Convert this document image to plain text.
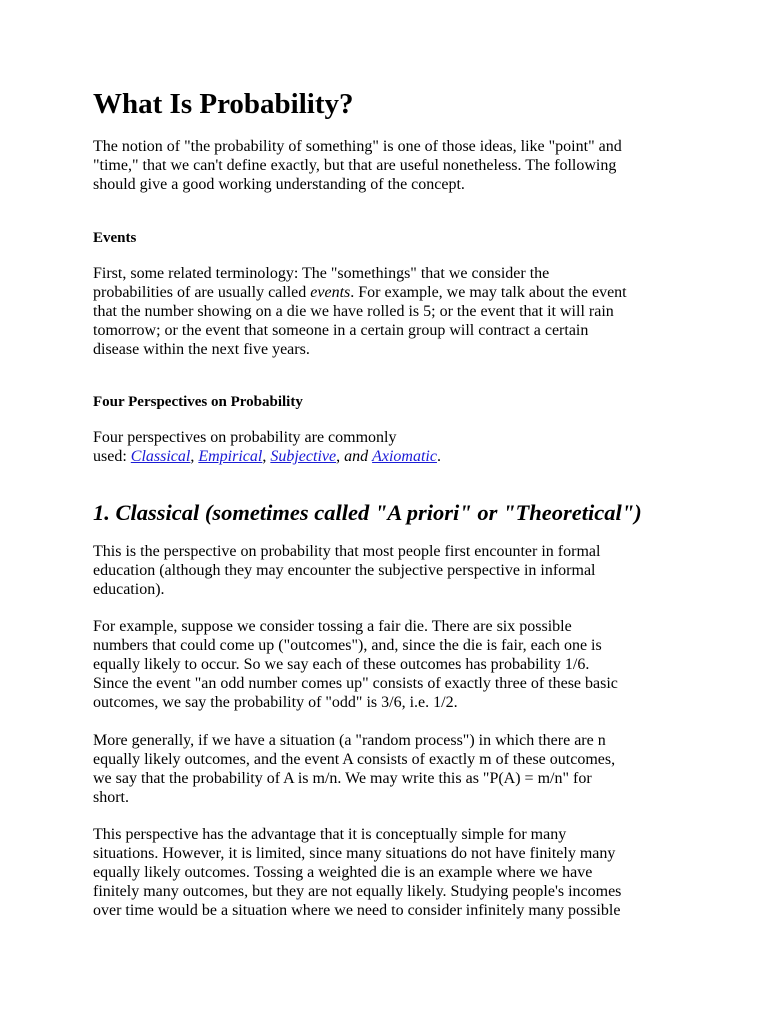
What Is Probability?

The notion of "the probability of something" is one of those ideas, like "point" and
"time," that we can't define exactly, but that are useful nonetheless. The following
should give a good working understanding of the concept.

Events

First, some related terminology: The "somethings" that we consider the
probabilities of are usually called events. For example, we may talk about the event
that the number showing on a die we have rolled is 5; or the event that it will rain
tomorrow; or the event that someone in a certain group will contract a certain
disease within the next five years.

Four Perspectives on Probability

Four perspectives on probability are commonly
used: Classical, Empirical, Subjective, and Axiomatic.

1. Classical (sometimes called "A priori" or "Theoretical")

This is the perspective on probability that most people first encounter in formal
education (although they may encounter the subjective perspective in informal
education).

For example, suppose we consider tossing a fair die. There are six possible
numbers that could come up ("outcomes"), and, since the die is fair, each one is
equally likely to occur. So we say each of these outcomes has probability 1/6.
Since the event "an odd number comes up" consists of exactly three of these basic
outcomes, we say the probability of "odd" is 3/6, i.e. 1/2.

More generally, if we have a situation (a "random process") in which there are n
equally likely outcomes, and the event A consists of exactly m of these outcomes,
we say that the probability of A is m/n. We may write this as "P(A) = m/n" for
short.

This perspective has the advantage that it is conceptually simple for many
situations. However, it is limited, since many situations do not have finitely many
equally likely outcomes. Tossing a weighted die is an example where we have
finitely many outcomes, but they are not equally likely. Studying people's incomes
over time would be a situation where we need to consider infinitely many possible
